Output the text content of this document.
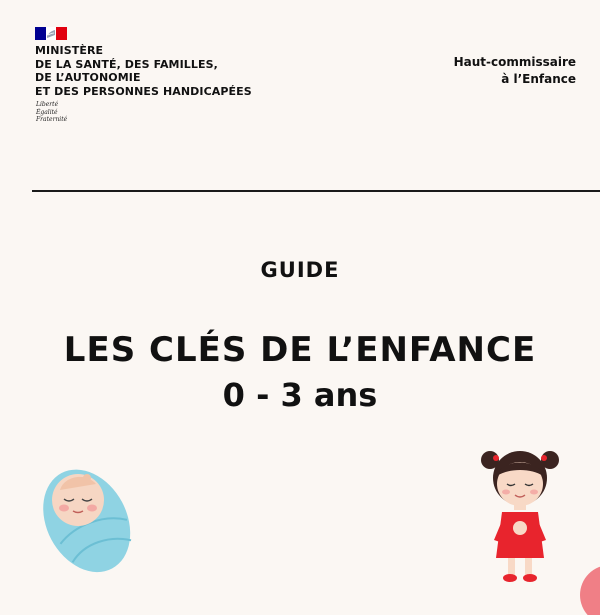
MINISTÈRE
DE LA SANTÉ, DES FAMILLES,
DE L’AUTONOMIE
ET DES PERSONNES HANDICAPÉES
Liberté
Égalité
Fraternité
Haut-commissaire
à l’Enfance
GUIDE
LES CLÉS DE L’ENFANCE
0 - 3 ans
